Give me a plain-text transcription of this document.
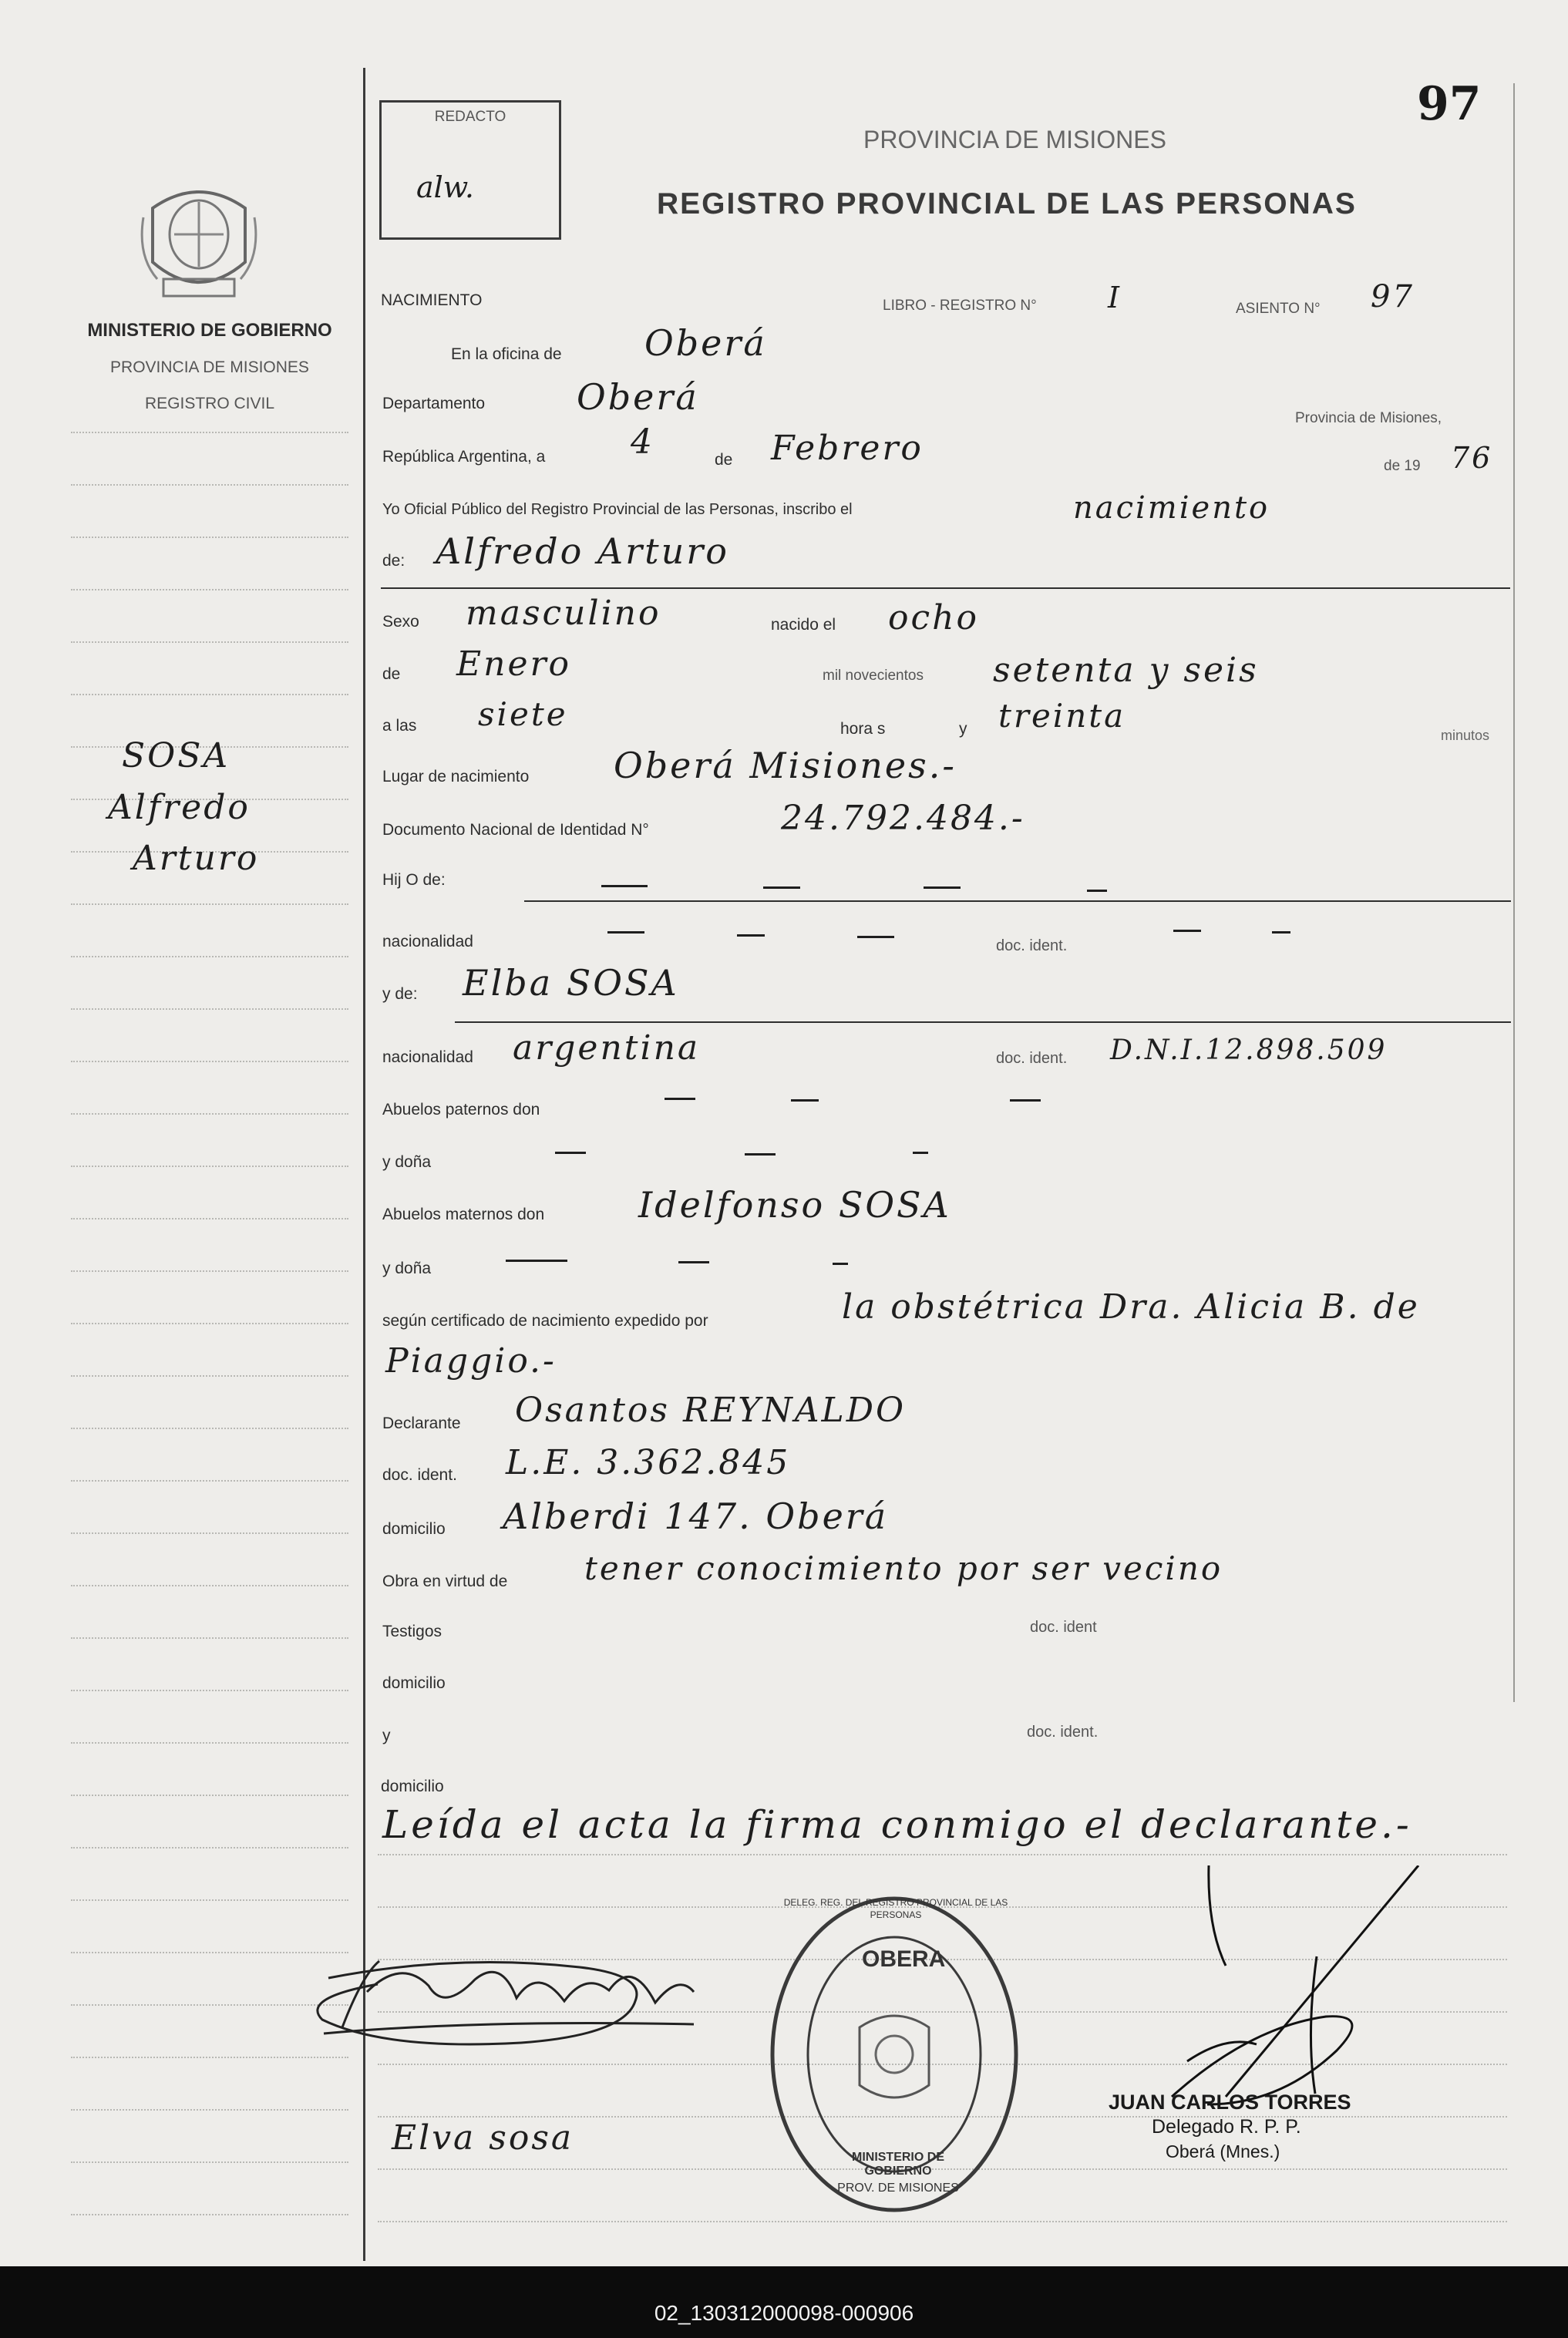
97
REDACTO
alw.
PROVINCIA DE MISIONES
REGISTRO PROVINCIAL DE LAS PERSONAS
MINISTERIO DE GOBIERNO
PROVINCIA DE MISIONES
REGISTRO CIVIL
SOSA
Alfredo
Arturo
NACIMIENTO	LIBRO - REGISTRO N° I	ASIENTO N° 97
En la oficina de Oberá
Departamento	Oberá
Provincia de Misiones,
República Argentina, a	4	de Febrero	de 19 76
Yo Oficial Público del Registro Provincial de las Personas, inscribo el	nacimiento
de: Alfredo Arturo
Sexo masculino	nacido el ocho
de Enero	mil novecientos setenta y seis
a las siete	hora s	y treinta
minutos
Lugar de nacimiento Oberá Misiones.-
Documento Nacional de Identidad N°	24.792.484.-
Hij O de:
nacionalidad	doc. ident.
y de: Elba SOSA
nacionalidad argentina	doc. ident. D.N.I.12.898.509
Abuelos paternos don
y doña
Abuelos maternos don	Idelfonso SOSA
y doña
según certificado de nacimiento expedido por	la obstétrica Dra. Alicia B. de
Piaggio.-
Declarante Osantos REYNALDO
doc. ident. L.E. 3.362.845
domicilio Alberdi 147. Oberá
Obra en virtud de tener conocimiento por ser vecino
Testigos	doc. ident
domicilio
y	doc. ident.
domicilio
Leída el acta la firma conmigo el declarante.-
Elva sosa
OBERA
DELEG. REG. DEL REGISTRO PROVINCIAL DE LAS PERSONAS
MINISTERIO DE GOBIERNO
PROV. DE MISIONES
JUAN CARLOS TORRES
Delegado R. P. P.
Oberá (Mnes.)
02_130312000098-000906
